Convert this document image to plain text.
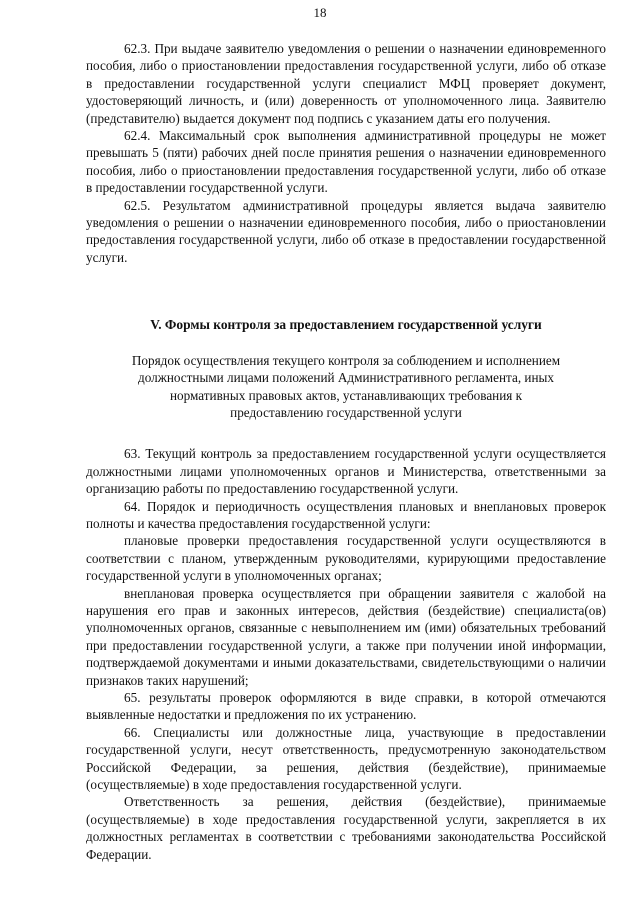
18

62.3. При выдаче заявителю уведомления о решении о назначении единовременного пособия, либо о приостановлении предоставления государственной услуги, либо об отказе в предоставлении государственной услуги специалист МФЦ проверяет документ, удостоверяющий личность, и (или) доверенность от уполномоченного лица. Заявителю (представителю) выдается документ под подпись с указанием даты его получения.

62.4. Максимальный срок выполнения административной процедуры не может превышать 5 (пяти) рабочих дней после принятия решения о назначении единовременного пособия, либо о приостановлении предоставления государственной услуги, либо об отказе в предоставлении государственной услуги.

62.5. Результатом административной процедуры является выдача заявителю уведомления о решении о назначении единовременного пособия, либо о приостановлении предоставления государственной услуги, либо об отказе в предоставлении государственной услуги.

V. Формы контроля за предоставлением государственной услуги

Порядок осуществления текущего контроля за соблюдением и исполнением должностными лицами положений Административного регламента, иных нормативных правовых актов, устанавливающих требования к предоставлению государственной услуги

63. Текущий контроль за предоставлением государственной услуги осуществляется должностными лицами уполномоченных органов и Министерства, ответственными за организацию работы по предоставлению государственной услуги.

64. Порядок и периодичность осуществления плановых и внеплановых проверок полноты и качества предоставления государственной услуги:

плановые проверки предоставления государственной услуги осуществляются в соответствии с планом, утвержденным руководителями, курирующими предоставление государственной услуги в уполномоченных органах;

внеплановая проверка осуществляется при обращении заявителя с жалобой на нарушения его прав и законных интересов, действия (бездействие) специалиста(ов) уполномоченных органов, связанные с невыполнением им (ими) обязательных требований при предоставлении государственной услуги, а также при получении иной информации, подтверждаемой документами и иными доказательствами, свидетельствующими о наличии признаков таких нарушений;

65. результаты проверок оформляются в виде справки, в которой отмечаются выявленные недостатки и предложения по их устранению.

66. Специалисты или должностные лица, участвующие в предоставлении государственной услуги, несут ответственность, предусмотренную законодательством Российской Федерации, за решения, действия (бездействие), принимаемые (осуществляемые) в ходе предоставления государственной услуги.

Ответственность за решения, действия (бездействие), принимаемые (осуществляемые) в ходе предоставления государственной услуги, закрепляется в их должностных регламентах в соответствии с требованиями законодательства Российской Федерации.
